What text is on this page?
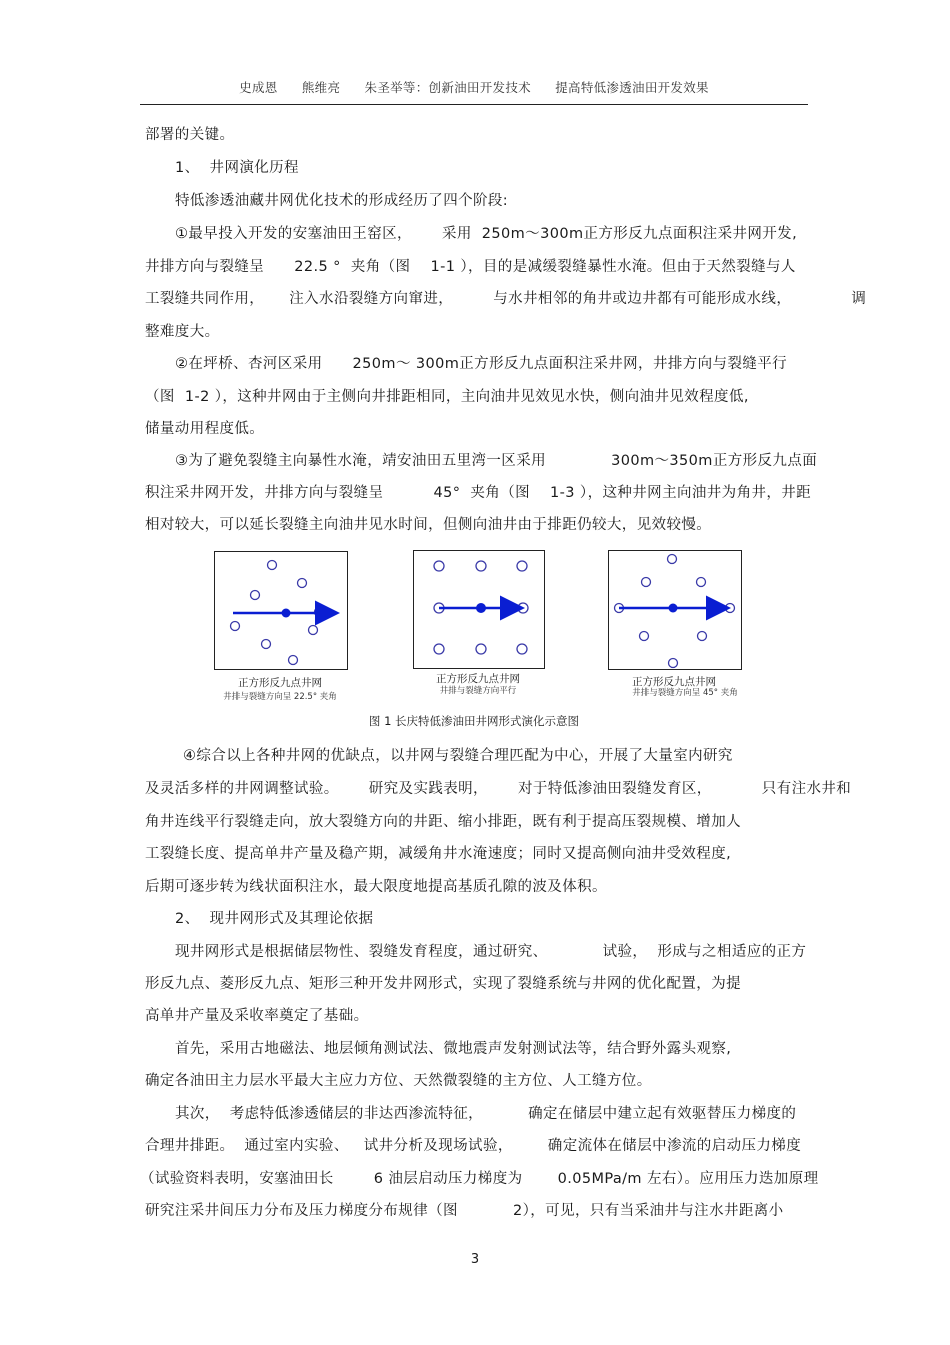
史成恩 熊维亮 朱圣举等：创新油田开发技术 提高特低渗透油田开发效果
部署的关键。
1、  井网演化历程
特低渗透油藏井网优化技术的形成经历了四个阶段:
①最早投入开发的安塞油田王窑区，      采用  250m～300m正方形反九点面积注采井网开发,
井排方向与裂缝呈      22.5 °  夹角（图    1-1 ），目的是减缓裂缝暴性水淹。但由于天然裂缝与人
工裂缝共同作用，     注入水沿裂缝方向窜进，        与水井相邻的角井或边井都有可能形成水线，            调
整难度大。
②在坪桥、杏河区采用      250m～ 300m正方形反九点面积注采井网，井排方向与裂缝平行
（图  1-2 ），这种井网由于主侧向井排距相同，主向油井见效见水快，侧向油井见效程度低,
储量动用程度低。
③为了避免裂缝主向暴性水淹，靖安油田五里湾一区采用             300m～350m正方形反九点面
积注采井网开发，井排方向与裂缝呈          45°  夹角（图    1-3 ），这种井网主向油井为角井，井距
相对较大，可以延长裂缝主向油井见水时间，但侧向油井由于排距仍较大，见效较慢。
正方形反九点井网
井排与裂缝方向呈 22.5° 夹角
正方形反九点井网
井排与裂缝方向平行
正方形反九点井网
井排与裂缝方向呈 45° 夹角
图 1 长庆特低渗油田井网形式演化示意图
④综合以上各种井网的优缺点，以井网与裂缝合理匹配为中心，开展了大量室内研究
及灵活多样的井网调整试验。      研究及实践表明，      对于特低渗油田裂缝发育区，          只有注水井和
角井连线平行裂缝走向，放大裂缝方向的井距、缩小排距，既有利于提高压裂规模、增加人
工裂缝长度、提高单井产量及稳产期，减缓角井水淹速度；同时又提高侧向油井受效程度,
后期可逐步转为线状面积注水，最大限度地提高基质孔隙的波及体积。
2、  现井网形式及其理论依据
现井网形式是根据储层物性、裂缝发育程度，通过研究、           试验，  形成与之相适应的正方
形反九点、菱形反九点、矩形三种开发井网形式，实现了裂缝系统与井网的优化配置，为提
高单井产量及采收率奠定了基础。
首先，采用古地磁法、地层倾角测试法、微地震声发射测试法等，结合野外露头观察,
确定各油田主力层水平最大主应力方位、天然微裂缝的主方位、人工缝方位。
其次，  考虑特低渗透储层的非达西渗流特征，         确定在储层中建立起有效驱替压力梯度的
合理井排距。  通过室内实验、   试井分析及现场试验，       确定流体在储层中渗流的启动压力梯度
（试验资料表明，安塞油田长        6 油层启动压力梯度为       0.05MPa/m 左右）。应用压力迭加原理
研究注采井间压力分布及压力梯度分布规律（图           2），可见，只有当采油井与注水井距离小
3
